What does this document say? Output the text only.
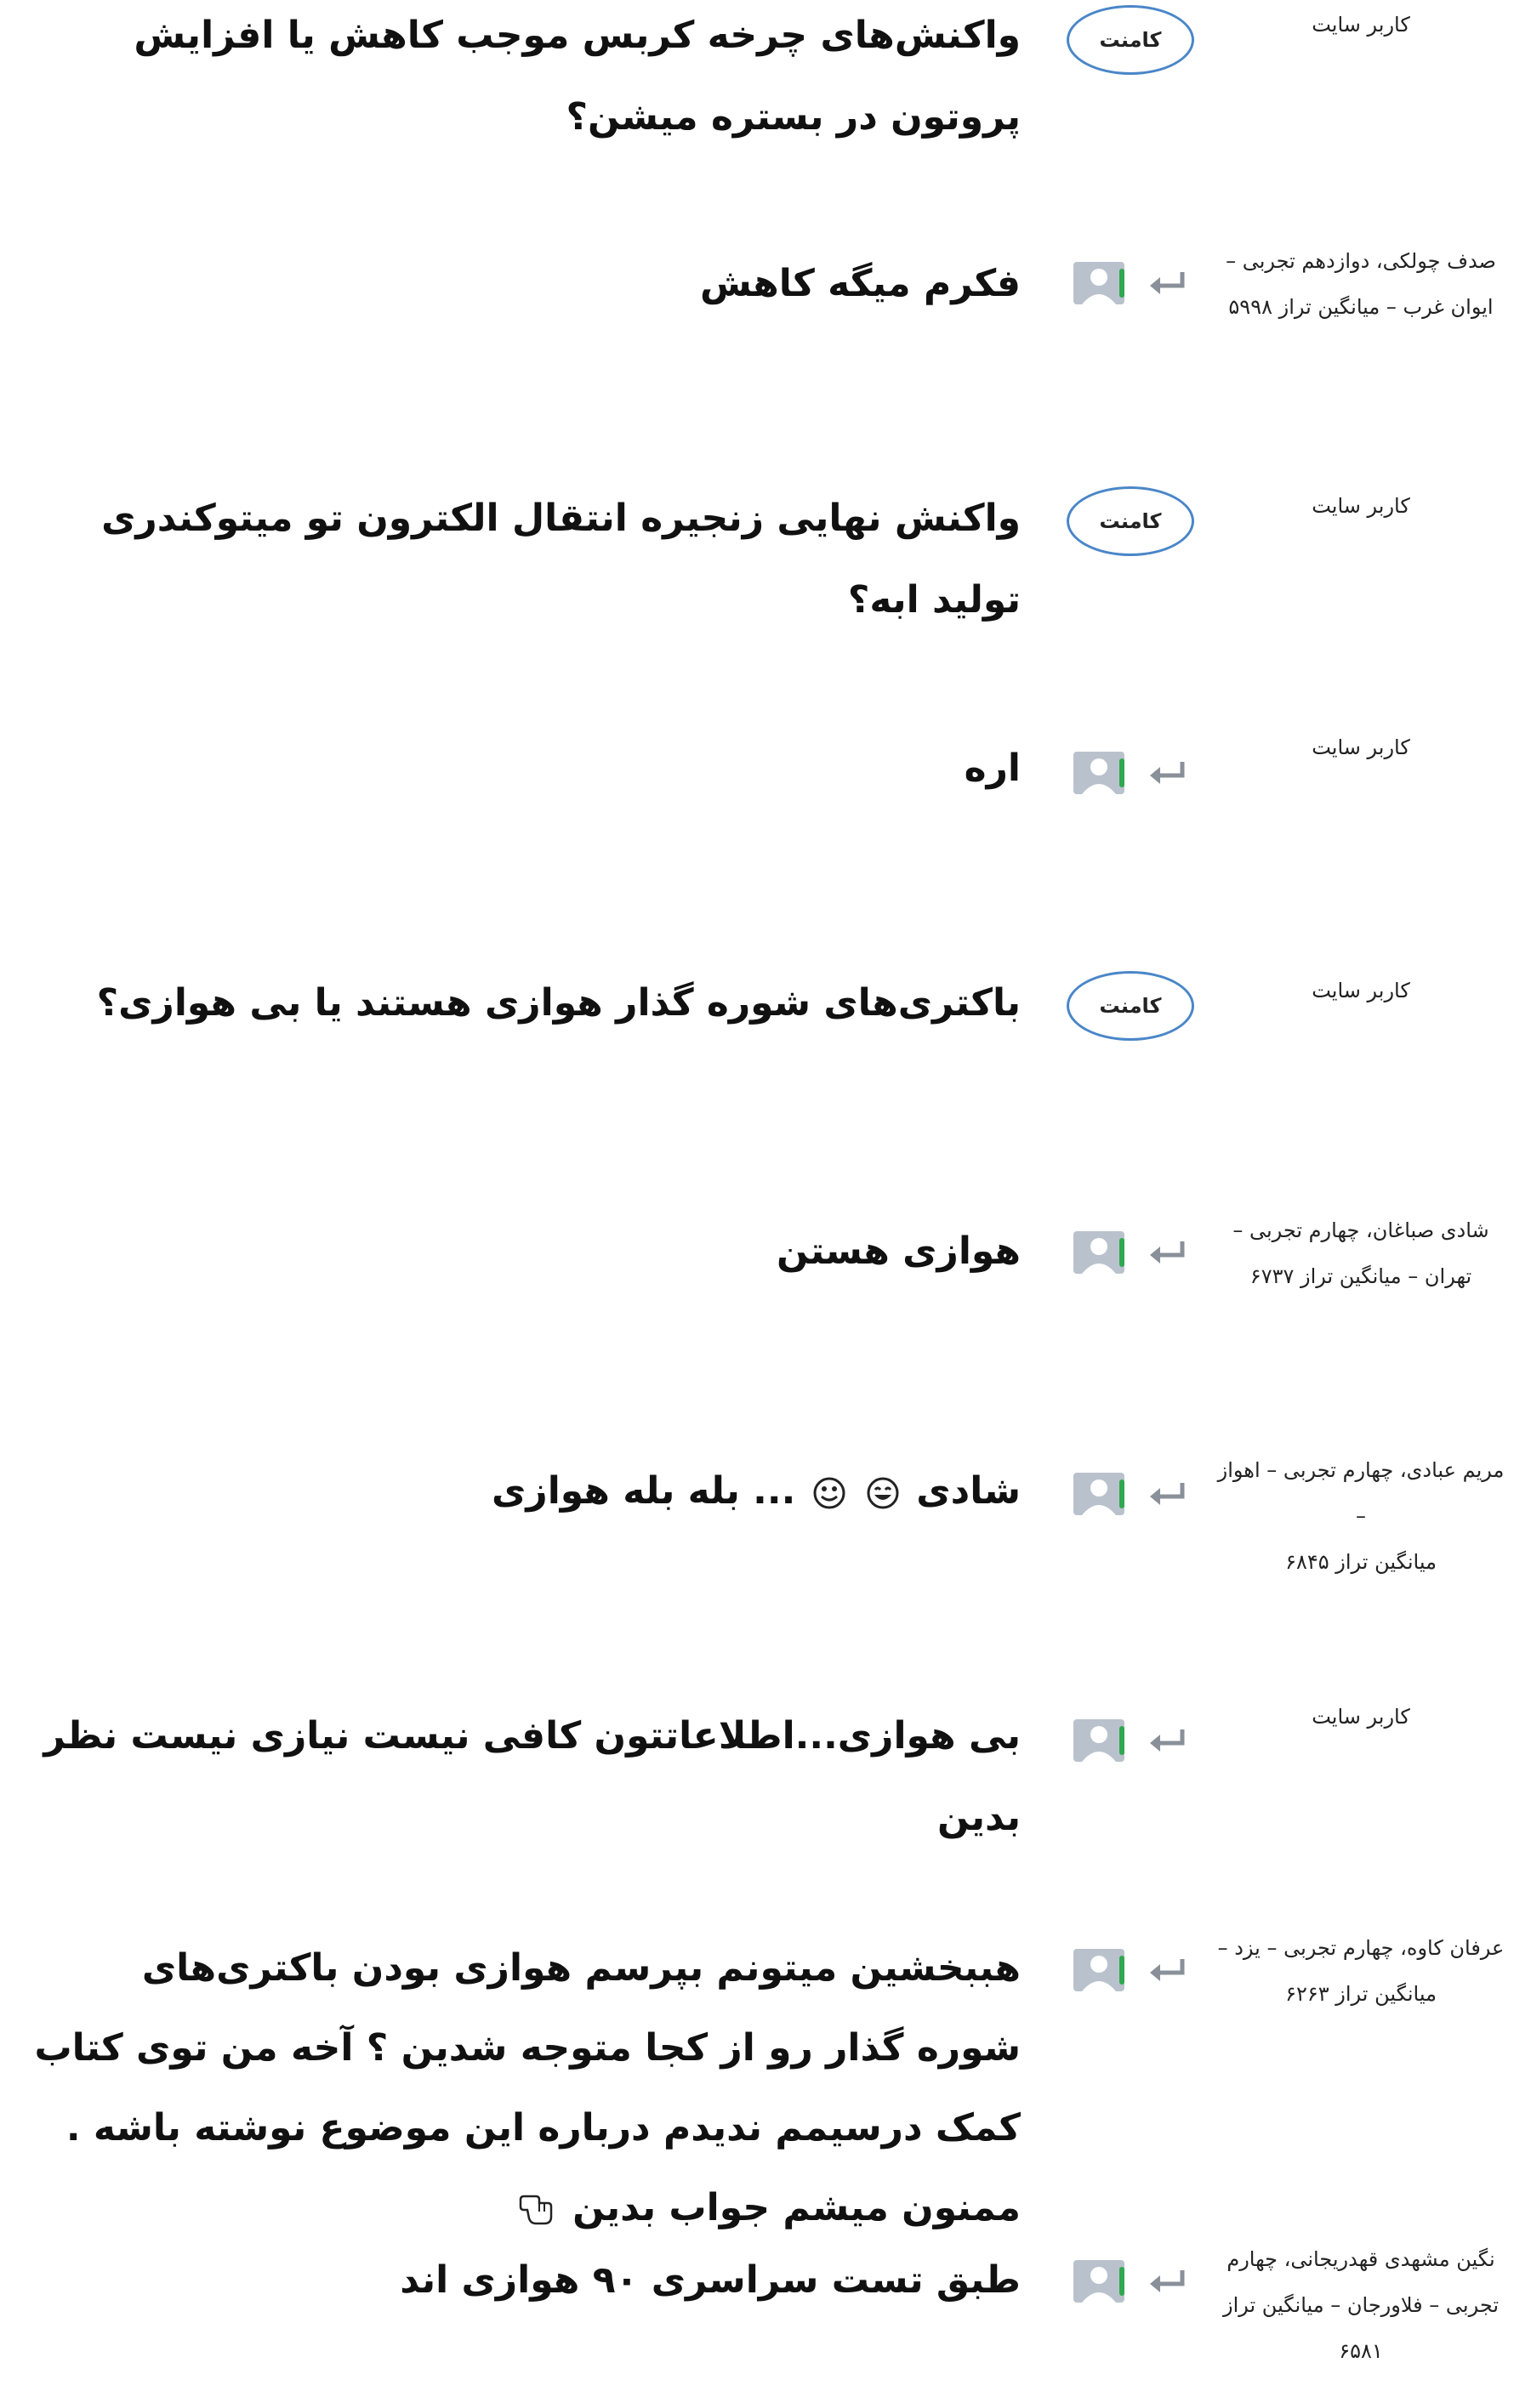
کاربر سایت
کامنت
واکنش‌های چرخه کربس موجب کاهش یا افزایش پروتون در بستره میشن؟
صدف چولکی، دوازدهم تجربی –
ایوان غرب – میانگین تراز ۵۹۹۸
فکرم میگه کاهش
کاربر سایت
کامنت
واکنش نهایی زنجیره انتقال الکترون تو میتوکندری تولید ابه؟
کاربر سایت
اره
کاربر سایت
کامنت
باکتری‌های شوره گذار هوازی هستند یا بی هوازی؟
شادی صباغان، چهارم تجربی –
تهران – میانگین تراز ۶۷۳۷
هوازی هستن
مریم عبادی، چهارم تجربی – اهواز –
میانگین تراز ۶۸۴۵
شادی   ... بله بله هوازی
کاربر سایت
بی هوازی...اطلاعاتتون کافی نیست نیازی نیست نظر بدین
عرفان کاوه، چهارم تجربی – یزد –
میانگین تراز ۶۲۶۳
هببخشین میتونم بپرسم هوازی بودن باکتری‌های شوره گذار رو از کجا متوجه شدین ؟ آخه من توی کتاب کمک درسیمم ندیدم درباره این موضوع نوشته باشه . ممنون میشم جواب بدین
نگین مشهدی قهدریجانی، چهارم
تجربی – فلاورجان – میانگین تراز
۶۵۸۱
طبق تست سراسری ۹۰ هوازی اند
